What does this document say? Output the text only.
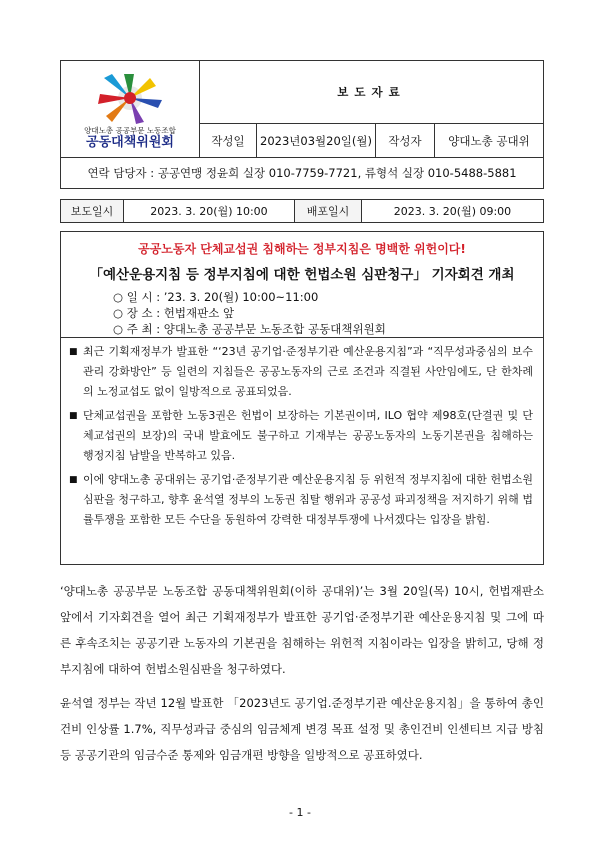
양대노총 공공부문 노동조합
공동대책위원회	보도자료			
	작성일	2023년03월20일(월)	작성자	양대노총 공대위
연락 담당자 : 공공연맹 정윤희 실장 010-7759-7721, 류형석 실장 010-5488-5881				
보도일시	2023. 3. 20(월) 10:00	배포일시	2023. 3. 20(월) 09:00
공공노동자 단체교섭권 침해하는 정부지침은 명백한 위헌이다!
「예산운용지침 등 정부지침에 대한 헌법소원 심판청구」 기자회견 개최
○ 일 시 : ’23. 3. 20(월) 10:00~11:00
○ 장 소 : 헌법재판소 앞
○ 주 최 : 양대노총 공공부문 노동조합 공동대책위원회
■ 최근 기획재정부가 발표한 “‘23년 공기업‧준정부기관 예산운용지침”과 “직무성과중심의 보수관리 강화방안” 등 일련의 지침들은 공공노동자의 근로 조건과 직결된 사안임에도, 단 한차례의 노정교섭도 없이 일방적으로 공표되었음.
■ 단체교섭권을 포함한 노동3권은 헌법이 보장하는 기본권이며, ILO 협약 제98호(단결권 및 단체교섭권의 보장)의 국내 발효에도 불구하고 기재부는 공공노동자의 노동기본권을 침해하는 행정지침 남발을 반복하고 있음.
■ 이에 양대노총 공대위는 공기업‧준정부기관 예산운용지침 등 위헌적 정부지침에 대한 헌법소원심판을 청구하고, 향후 윤석열 정부의 노동권 침탈 행위과 공공성 파괴정책을 저지하기 위해 법률투쟁을 포함한 모든 수단을 동원하여 강력한 대정부투쟁에 나서겠다는 입장을 밝힘.
‘양대노총 공공부문 노동조합 공동대책위원회(이하 공대위)’는 3월 20일(목) 10시, 헌법재판소 앞에서 기자회견을 열어 최근 기획재정부가 발표한 공기업‧준정부기관 예산운용지침 및 그에 따른 후속조치는 공공기관 노동자의 기본권을 침해하는 위헌적 지침이라는 입장을 밝히고, 당해 정부지침에 대하여 헌법소원심판을 청구하였다.
윤석열 정부는 작년 12월 발표한 「2023년도 공기업.준정부기관 예산운용지침」을 통하여 총인건비 인상률 1.7%, 직무성과급 중심의 임금체계 변경 목표 설정 및 총인건비 인센티브 지급 방침 등 공공기관의 임금수준 통제와 임금개편 방향을 일방적으로 공표하였다.
- 1 -
